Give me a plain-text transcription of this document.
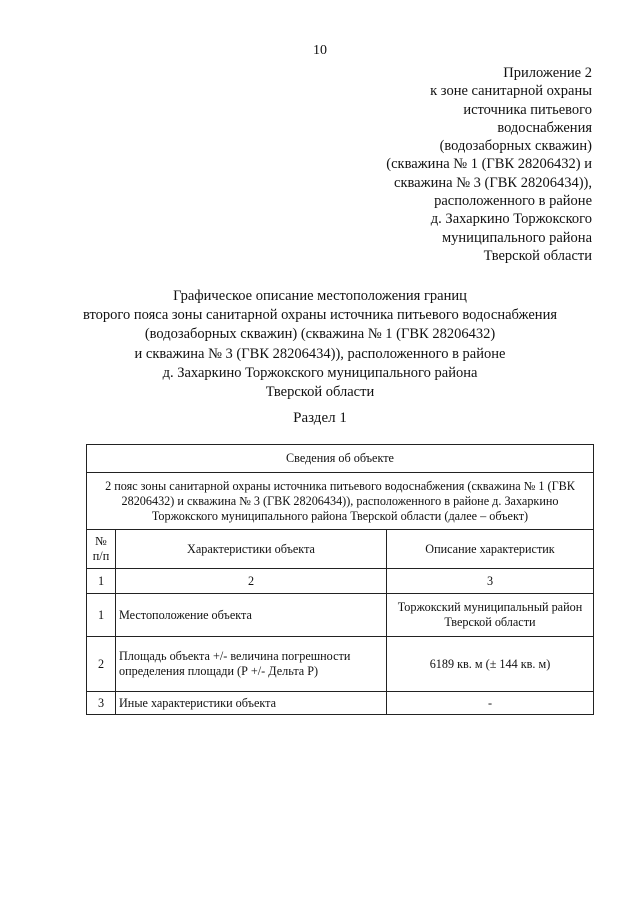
10
Приложение 2
к зоне санитарной охраны
источника питьевого
водоснабжения
(водозаборных скважин)
(скважина № 1 (ГВК 28206432) и
скважина № 3 (ГВК 28206434)),
расположенного в районе
д. Захаркино Торжокского
муниципального района
Тверской области
Графическое описание местоположения границ
второго пояса зоны санитарной охраны источника питьевого водоснабжения
(водозаборных скважин) (скважина № 1 (ГВК 28206432)
и скважина № 3 (ГВК 28206434)), расположенного в районе
д. Захаркино Торжокского муниципального района
Тверской области
Раздел 1
Сведения об объекте		
2 пояс зоны санитарной охраны источника питьевого водоснабжения (скважина № 1 (ГВК 28206432) и скважина № 3 (ГВК 28206434)), расположенного в районе д. Захаркино Торжокского муниципального района Тверской области (далее – объект)		
№ п/п	Характеристики объекта	Описание характеристик
1	2	3
1	Местоположение объекта	Торжокский муниципальный район Тверской области
2	Площадь объекта +/- величина погрешности определения площади (Р +/- Дельта Р)	6189 кв. м (± 144 кв. м)
3	Иные характеристики объекта	-
